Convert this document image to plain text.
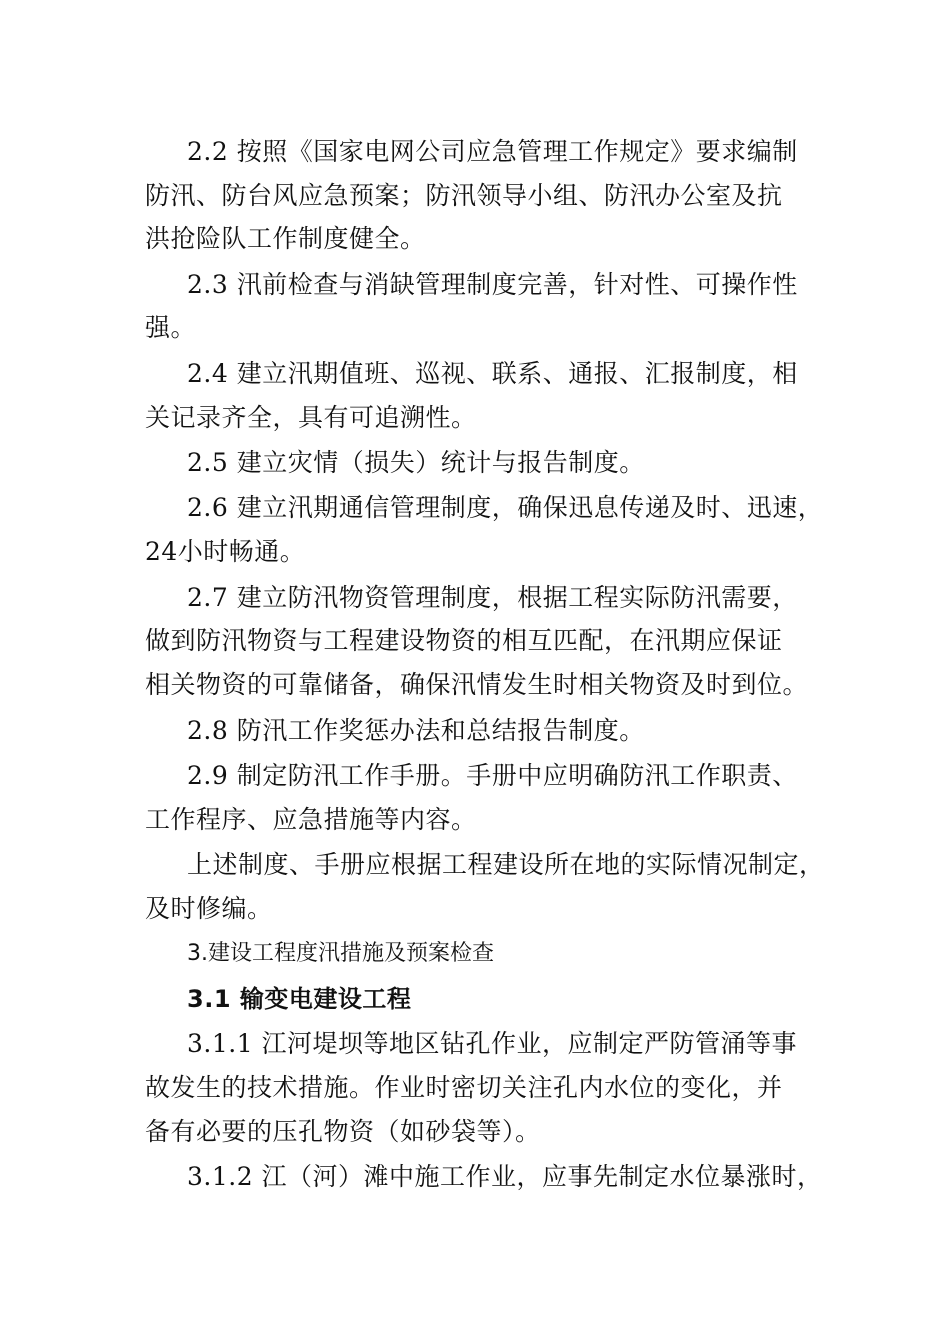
2.2 按照《国家电网公司应急管理工作规定》要求编制
防汛、防台风应急预案；防汛领导小组、防汛办公室及抗
洪抢险队工作制度健全。
2.3 汛前检查与消缺管理制度完善，针对性、可操作性
强。
2.4 建立汛期值班、巡视、联系、通报、汇报制度，相
关记录齐全，具有可追溯性。
2.5 建立灾情（损失）统计与报告制度。
2.6 建立汛期通信管理制度，确保迅息传递及时、迅速，
24小时畅通。
2.7 建立防汛物资管理制度，根据工程实际防汛需要，
做到防汛物资与工程建设物资的相互匹配，在汛期应保证
相关物资的可靠储备，确保汛情发生时相关物资及时到位。
2.8 防汛工作奖惩办法和总结报告制度。
2.9 制定防汛工作手册。手册中应明确防汛工作职责、
工作程序、应急措施等内容。
上述制度、手册应根据工程建设所在地的实际情况制定，
及时修编。
3.建设工程度汛措施及预案检查
3.1 输变电建设工程
3.1.1 江河堤坝等地区钻孔作业，应制定严防管涌等事
故发生的技术措施。作业时密切关注孔内水位的变化，并
备有必要的压孔物资（如砂袋等）。
3.1.2 江（河）滩中施工作业，应事先制定水位暴涨时，
